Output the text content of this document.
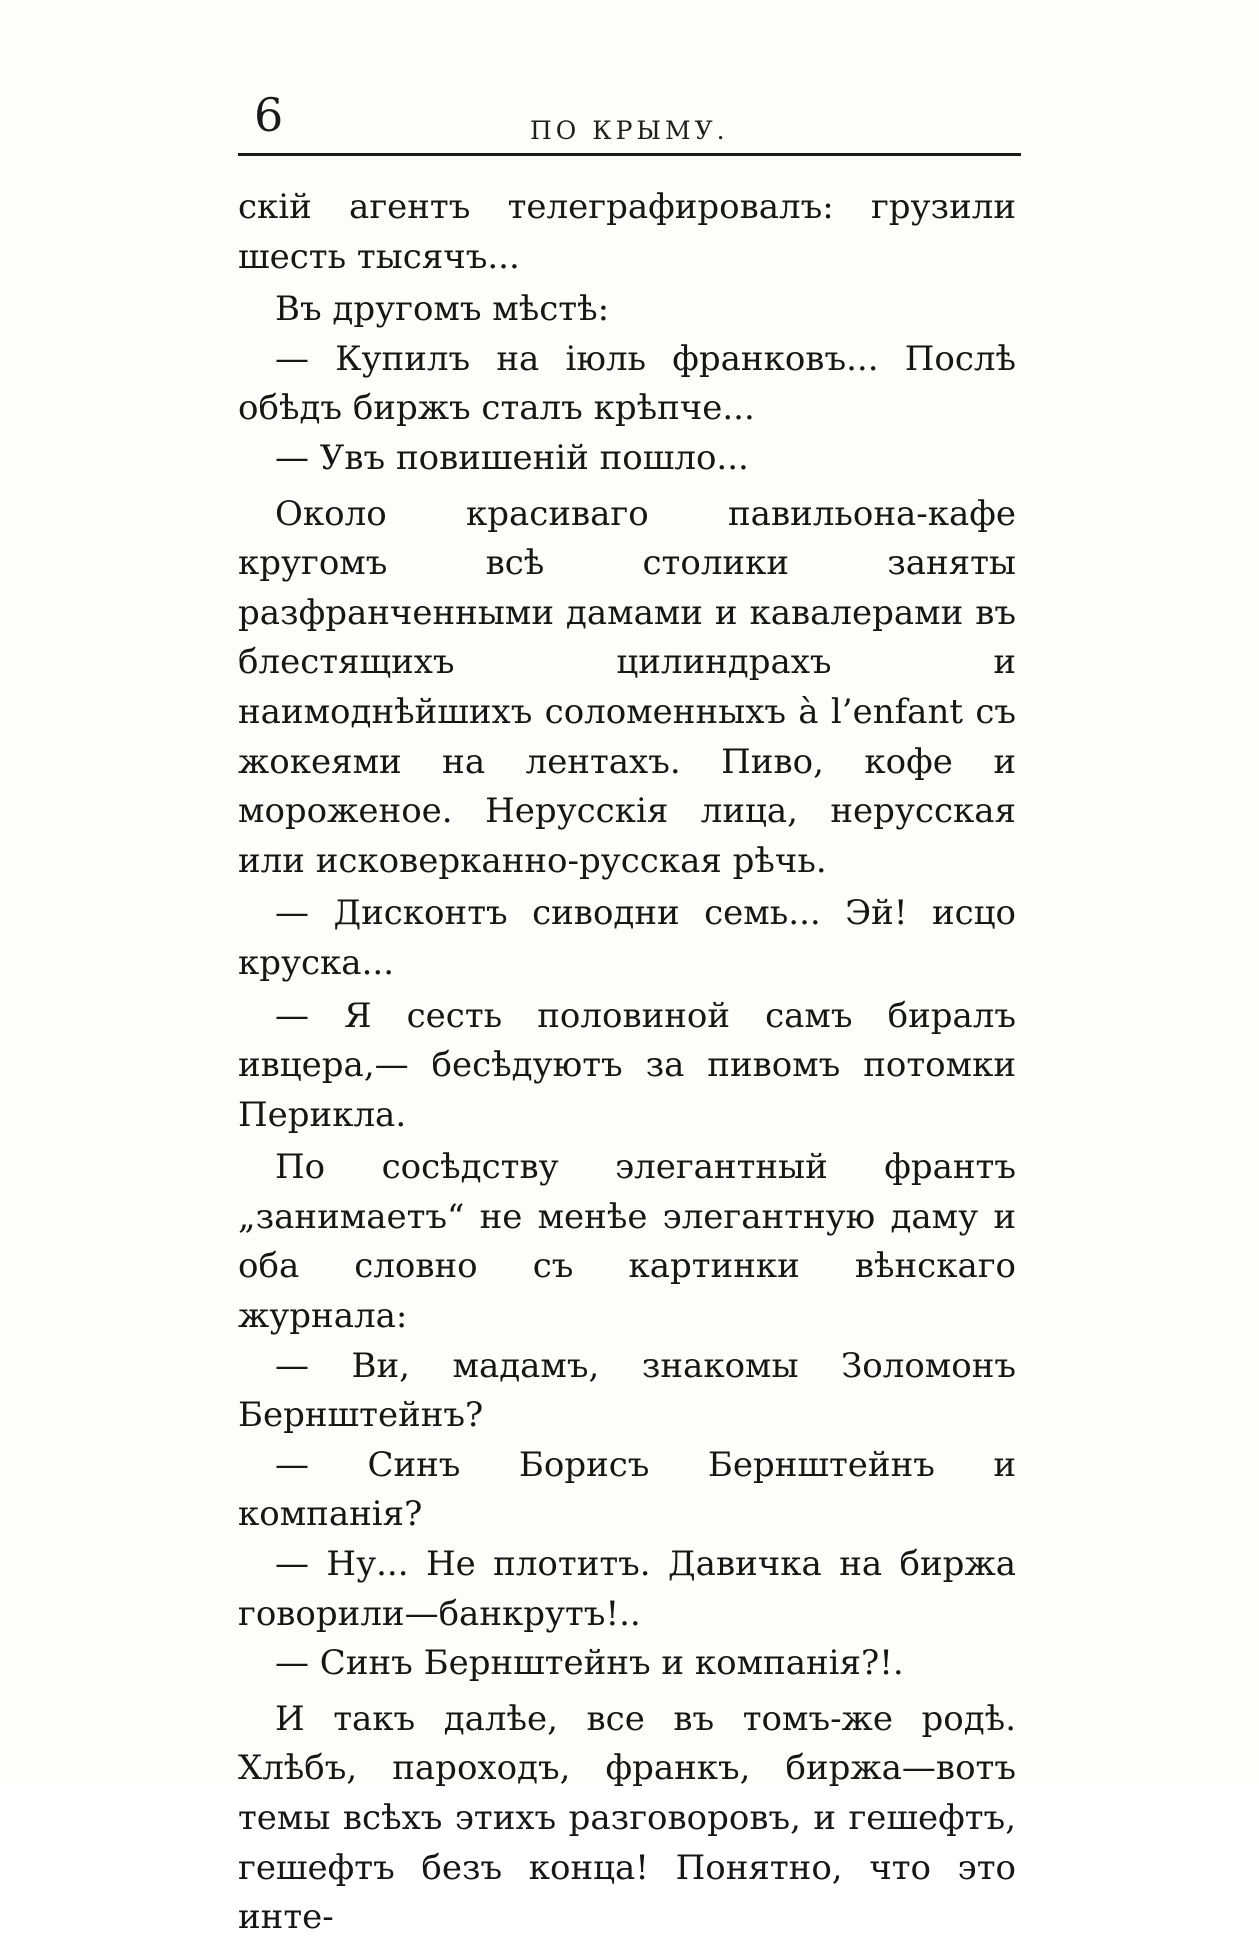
6	ПО КРЫМУ.

скій агентъ телеграфировалъ: грузили шесть тысячъ...

Въ другомъ мѣстѣ:

— Купилъ на іюль франковъ... Послѣ обѣдъ биржъ сталъ крѣпче...

— Увъ повишеній пошло...

Около красиваго павильона-кафе кругомъ всѣ столики заняты разфранченными дамами и кавалерами въ блестящихъ цилиндрахъ и наимоднѣйшихъ соломенныхъ à l’enfant съ жокеями на лентахъ. Пиво, кофе и мороженое. Нерусскія лица, нерусская или исковерканно-русская рѣчь.

— Дисконтъ сиводни семь... Эй! исцо круска...

— Я сесть половиной самъ биралъ ивцера,— бесѣдуютъ за пивомъ потомки Перикла.

По сосѣдству элегантный франтъ „занимаетъ“ не менѣе элегантную даму и оба словно съ картинки вѣнскаго журнала:

— Ви, мадамъ, знакомы Золомонъ Бернштейнъ?

— Синъ Борисъ Бернштейнъ и компанія?

— Ну... Не плотитъ. Давичка на биржа говорили—банкрутъ!..

— Синъ Бернштейнъ и компанія?!.

И такъ далѣе, все въ томъ-же родѣ. Хлѣбъ, пароходъ, франкъ, биржа—вотъ темы всѣхъ этихъ разговоровъ, и гешефтъ, гешефтъ безъ конца! Понятно, что это инте-
